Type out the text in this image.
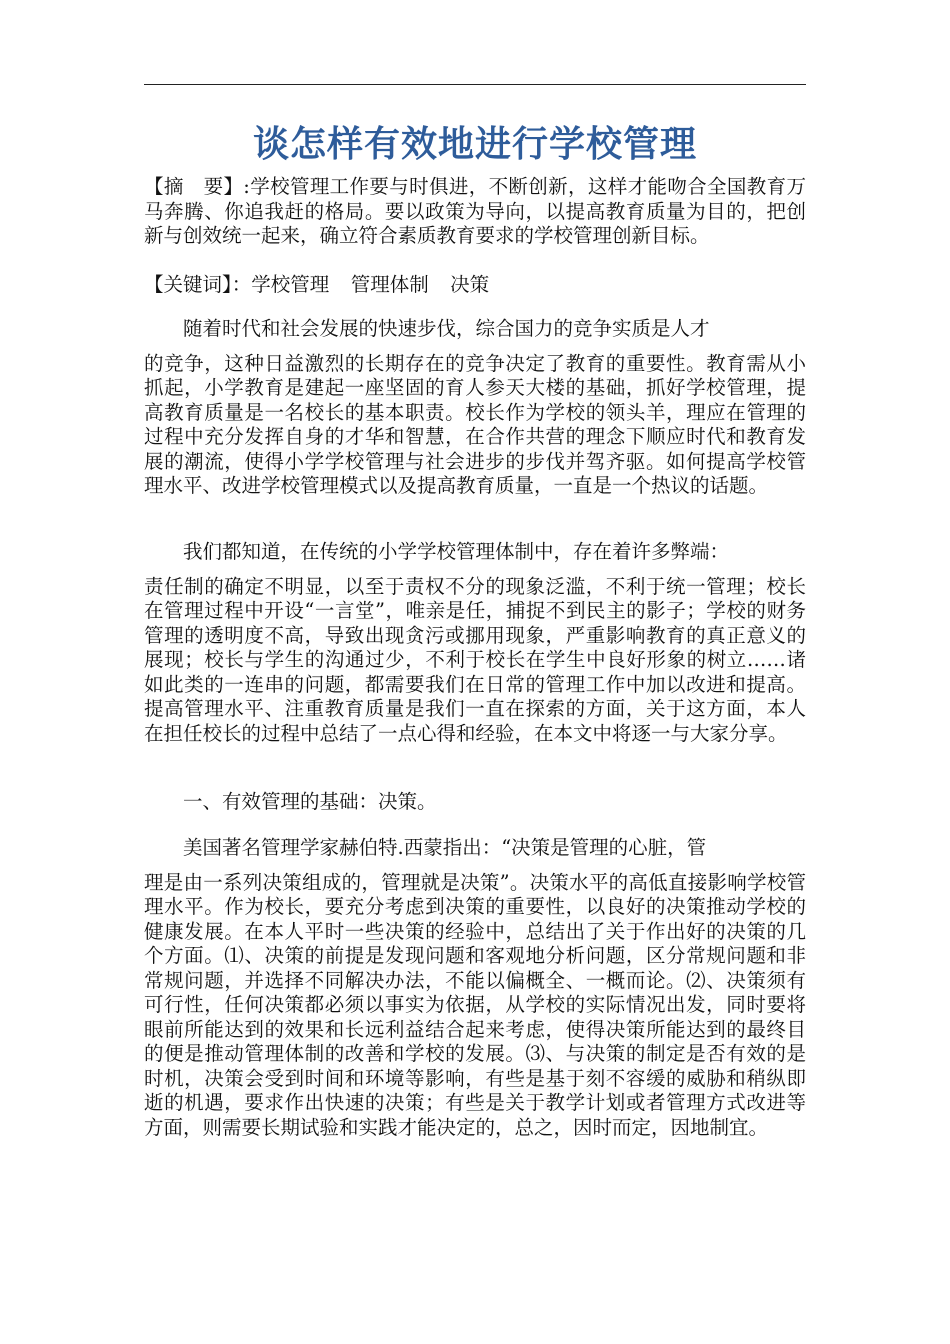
谈怎样有效地进行学校管理
【摘　要】:学校管理工作要与时俱进，不断创新，这样才能吻合全国教育万马奔腾、你追我赶的格局。要以政策为导向，以提高教育质量为目的，把创新与创效统一起来，确立符合素质教育要求的学校管理创新目标。
【关键词】：学校管理 管理体制 决策
随着时代和社会发展的快速步伐，综合国力的竞争实质是人才
的竞争，这种日益激烈的长期存在的竞争决定了教育的重要性。教育需从小抓起，小学教育是建起一座坚固的育人参天大楼的基础，抓好学校管理，提高教育质量是一名校长的基本职责。校长作为学校的领头羊，理应在管理的过程中充分发挥自身的才华和智慧，在合作共营的理念下顺应时代和教育发展的潮流，使得小学学校管理与社会进步的步伐并驾齐驱。如何提高学校管理水平、改进学校管理模式以及提高教育质量，一直是一个热议的话题。
我们都知道，在传统的小学学校管理体制中，存在着许多弊端：
责任制的确定不明显，以至于责权不分的现象泛滥，不利于统一管理；校长在管理过程中开设“一言堂”，唯亲是任，捕捉不到民主的影子；学校的财务管理的透明度不高，导致出现贪污或挪用现象，严重影响教育的真正意义的展现；校长与学生的沟通过少，不利于校长在学生中良好形象的树立……诸如此类的一连串的问题，都需要我们在日常的管理工作中加以改进和提高。提高管理水平、注重教育质量是我们一直在探索的方面，关于这方面，本人在担任校长的过程中总结了一点心得和经验，在本文中将逐一与大家分享。
一、有效管理的基础：决策。
美国著名管理学家赫伯特.西蒙指出：“决策是管理的心脏，管
理是由一系列决策组成的，管理就是决策”。决策水平的高低直接影响学校管理水平。作为校长，要充分考虑到决策的重要性，以良好的决策推动学校的健康发展。在本人平时一些决策的经验中，总结出了关于作出好的决策的几个方面。⑴、决策的前提是发现问题和客观地分析问题，区分常规问题和非常规问题，并选择不同解决办法，不能以偏概全、一概而论。⑵、决策须有可行性，任何决策都必须以事实为依据，从学校的实际情况出发，同时要将眼前所能达到的效果和长远利益结合起来考虑，使得决策所能达到的最终目的便是推动管理体制的改善和学校的发展。⑶、与决策的制定是否有效的是时机，决策会受到时间和环境等影响，有些是基于刻不容缓的威胁和稍纵即逝的机遇，要求作出快速的决策；有些是关于教学计划或者管理方式改进等方面，则需要长期试验和实践才能决定的，总之，因时而定，因地制宜。
